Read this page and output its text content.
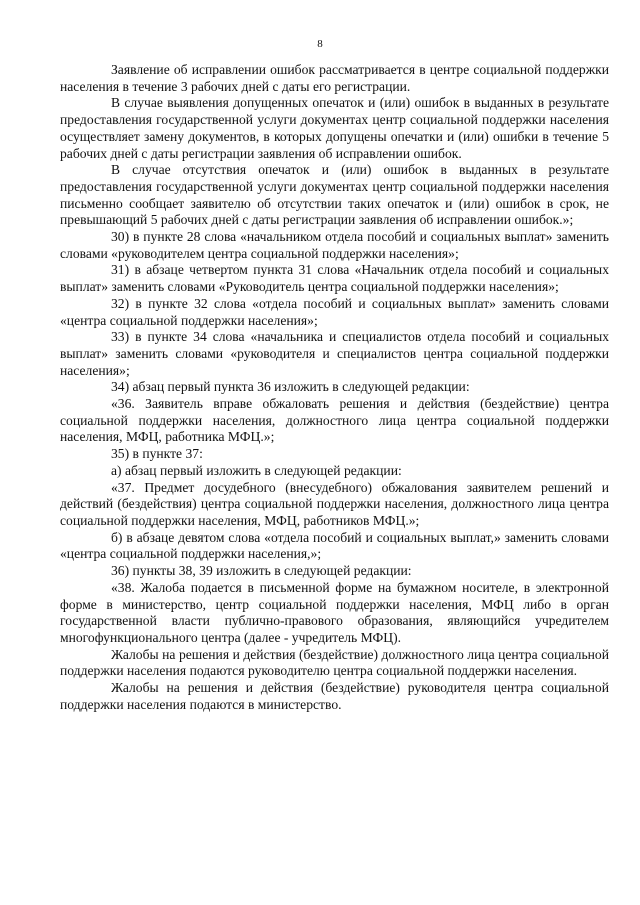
8

Заявление об исправлении ошибок рассматривается в центре социальной поддержки населения в течение 3 рабочих дней с даты его регистрации.

В случае выявления допущенных опечаток и (или) ошибок в выданных в результате предоставления государственной услуги документах центр социальной поддержки населения осуществляет замену документов, в которых допущены опечатки и (или) ошибки в течение 5 рабочих дней с даты регистрации заявления об исправлении ошибок.

В случае отсутствия опечаток и (или) ошибок в выданных в результате предоставления государственной услуги документах центр социальной поддержки населения письменно сообщает заявителю об отсутствии таких опечаток и (или) ошибок в срок, не превышающий 5 рабочих дней с даты регистрации заявления об исправлении ошибок.»;

30) в пункте 28 слова «начальником отдела пособий и социальных выплат» заменить словами «руководителем центра социальной поддержки населения»;

31) в абзаце четвертом пункта 31 слова «Начальник отдела пособий и социальных выплат» заменить словами «Руководитель центра социальной поддержки населения»;

32) в пункте 32 слова «отдела пособий и социальных выплат» заменить словами «центра социальной поддержки населения»;

33) в пункте 34 слова «начальника и специалистов отдела пособий и социальных выплат» заменить словами «руководителя и специалистов центра социальной поддержки населения»;

34) абзац первый пункта 36 изложить в следующей редакции:

«36. Заявитель вправе обжаловать решения и действия (бездействие) центра социальной поддержки населения, должностного лица центра социальной поддержки населения, МФЦ, работника МФЦ.»;

35) в пункте 37:

а) абзац первый изложить в следующей редакции:

«37. Предмет досудебного (внесудебного) обжалования заявителем решений и действий (бездействия) центра социальной поддержки населения, должностного лица центра социальной поддержки населения, МФЦ, работников МФЦ.»;

б) в абзаце девятом слова «отдела пособий и социальных выплат,» заменить словами «центра социальной поддержки населения,»;

36) пункты 38, 39 изложить в следующей редакции:

«38. Жалоба подается в письменной форме на бумажном носителе, в электронной форме в министерство, центр социальной поддержки населения, МФЦ либо в орган государственной власти публично-правового образования, являющийся учредителем многофункционального центра (далее - учредитель МФЦ).

Жалобы на решения и действия (бездействие) должностного лица центра социальной поддержки населения подаются руководителю центра социальной поддержки населения.

Жалобы на решения и действия (бездействие) руководителя центра социальной поддержки населения подаются в министерство.
